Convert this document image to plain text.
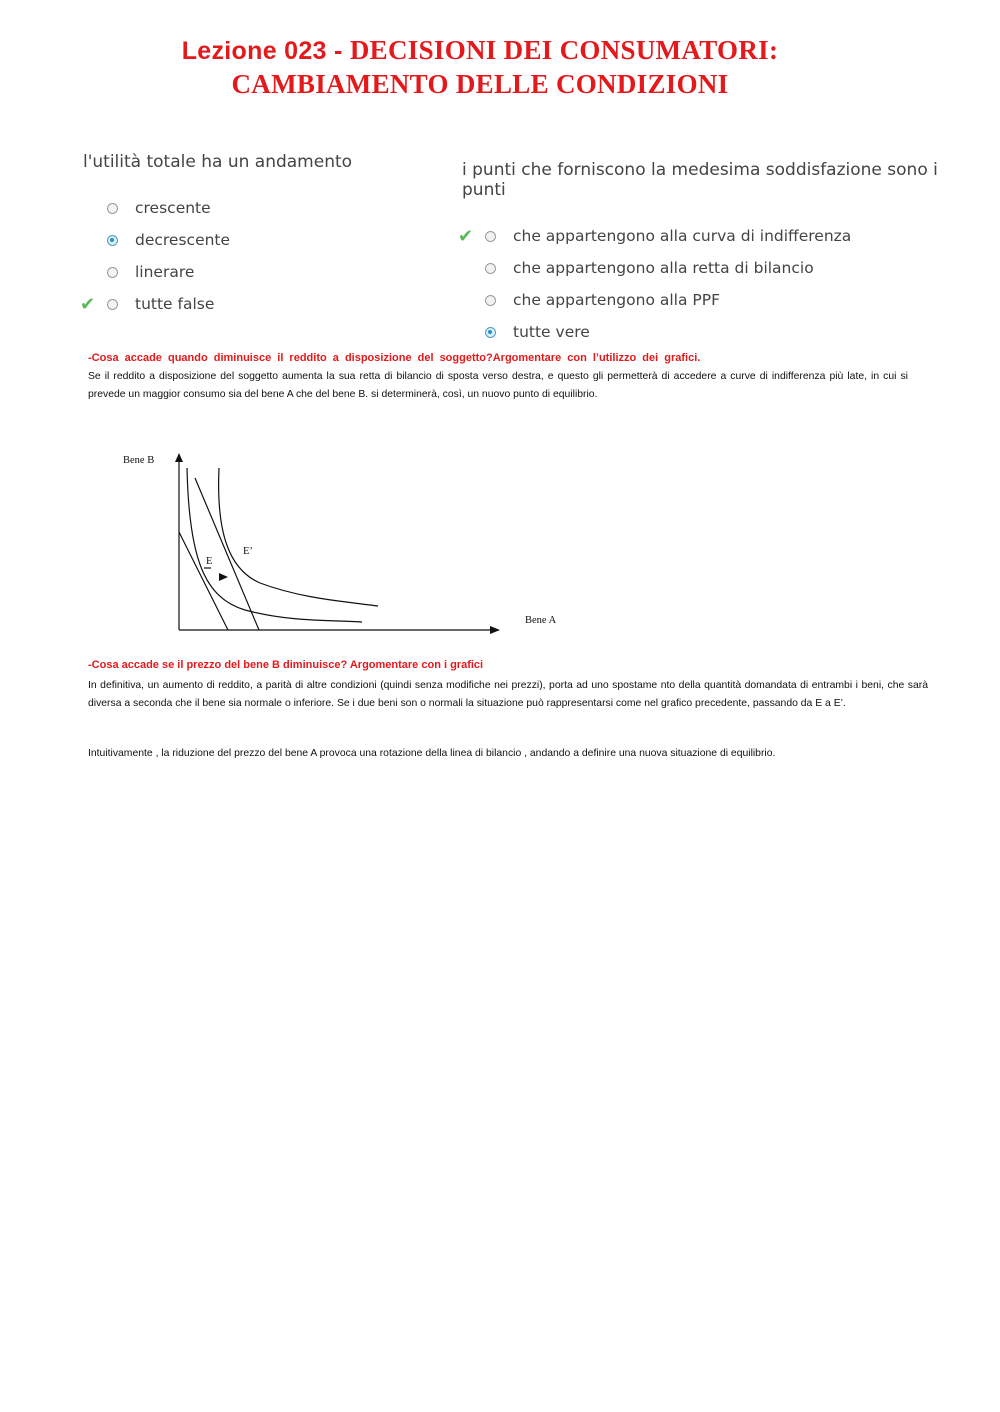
Lezione 023 - DECISIONI DEI CONSUMATORI:
CAMBIAMENTO DELLE CONDIZIONI
l'utilità totale ha un andamento
crescente
decrescente
linerare
✔	tutte false
i punti che forniscono la medesima soddisfazione sono i punti
✔	che appartengono alla curva di indifferenza
che appartengono alla retta di bilancio
che appartengono alla PPF
tutte vere
-Cosa accade quando diminuisce il reddito a disposizione del soggetto?Argomentare con l’utilizzo dei grafici.
Se il reddito a disposizione del soggetto aumenta la sua retta di bilancio di sposta verso destra, e questo gli permetterà di accedere a curve di indifferenza più late, in cui si prevede un maggior consumo sia del bene A che del bene B. si determinerà, così, un nuovo punto di equilibrio.
Bene B
Bene A
E
E’
-Cosa accade se il prezzo del bene B diminuisce? Argomentare con i grafici
In definitiva, un aumento di reddito, a parità di altre condizioni (quindi senza modifiche nei prezzi), porta ad uno spostame nto della quantità domandata di entrambi i beni, che sarà diversa a seconda che il bene sia normale o inferiore. Se i due beni son o normali la situazione può rappresentarsi come nel grafico precedente, passando da E a E’.
Intuitivamente , la riduzione del prezzo del bene A provoca una rotazione della linea di bilancio , andando a definire una nuova situazione di equilibrio.
